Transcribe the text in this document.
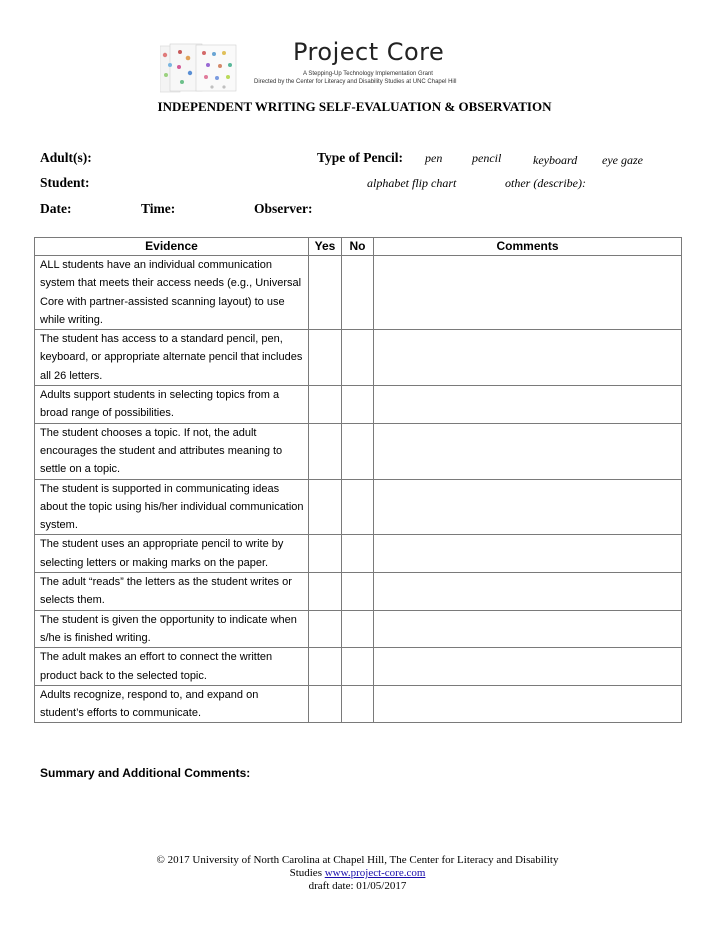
Project Core
A Stepping-Up Technology Implementation Grant
Directed by the Center for Literacy and Disability Studies at UNC Chapel Hill
INDEPENDENT WRITING SELF-EVALUATION & OBSERVATION
Adult(s):
Student:
Date:	Time:	Observer:
Type of Pencil: pen pencil	keyboard eye gaze
alphabet flip chart	other (describe):
Evidence	Yes	No	Comments
ALL students have an individual communication system that meets their access needs (e.g., Universal Core with partner-assisted scanning layout) to use while writing.			
The student has access to a standard pencil, pen, keyboard, or appropriate alternate pencil that includes all 26 letters.			
Adults support students in selecting topics from a broad range of possibilities.			
The student chooses a topic. If not, the adult encourages the student and attributes meaning to settle on a topic.			
The student is supported in communicating ideas about the topic using his/her individual communication system.			
The student uses an appropriate pencil to write by selecting letters or making marks on the paper.			
The adult “reads” the letters as the student writes or selects them.			
The student is given the opportunity to indicate when s/he is finished writing.			
The adult makes an effort to connect the written product back to the selected topic.			
Adults recognize, respond to, and expand on student’s efforts to communicate.			
Summary and Additional Comments:
© 2017 University of North Carolina at Chapel Hill, The Center for Literacy and Disability
Studies www.project-core.com
draft date: 01/05/2017
